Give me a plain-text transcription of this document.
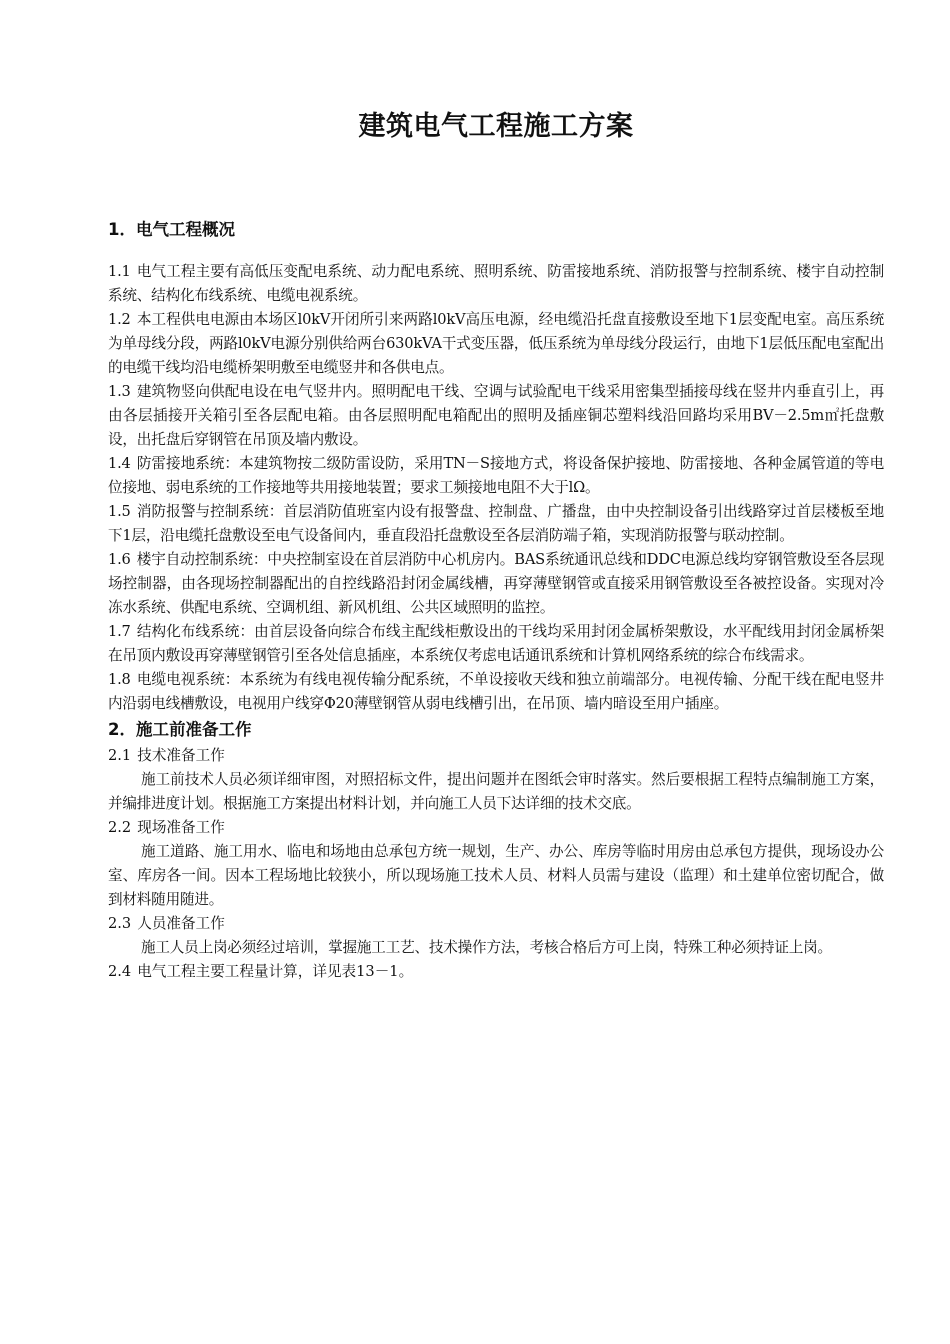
建筑电气工程施工方案
1．电气工程概况

1.1 电气工程主要有高低压变配电系统、动力配电系统、照明系统、防雷接地系统、消防报警与控制系统、楼宇自动控制系统、结构化布线系统、电缆电视系统。

1.2 本工程供电电源由本场区l0kV开闭所引来两路l0kV高压电源，经电缆沿托盘直接敷设至地下1层变配电室。高压系统为单母线分段，两路l0kV电源分别供给两台630kVA干式变压器，低压系统为单母线分段运行，由地下1层低压配电室配出的电缆干线均沿电缆桥架明敷至电缆竖井和各供电点。

1.3 建筑物竖向供配电设在电气竖井内。照明配电干线、空调与试验配电干线采用密集型插接母线在竖井内垂直引上，再由各层插接开关箱引至各层配电箱。由各层照明配电箱配出的照明及插座铜芯塑料线沿回路均采用BV－2.5m㎡托盘敷设，出托盘后穿钢管在吊顶及墙内敷设。

1.4 防雷接地系统：本建筑物按二级防雷设防，采用TN－S接地方式，将设备保护接地、防雷接地、各种金属管道的等电位接地、弱电系统的工作接地等共用接地装置；要求工频接地电阻不大于lΩ。

1.5 消防报警与控制系统：首层消防值班室内设有报警盘、控制盘、广播盘，由中央控制设备引出线路穿过首层楼板至地下1层，沿电缆托盘敷设至电气设备间内，垂直段沿托盘敷设至各层消防端子箱，实现消防报警与联动控制。

1.6 楼宇自动控制系统：中央控制室设在首层消防中心机房内。BAS系统通讯总线和DDC电源总线均穿钢管敷设至各层现场控制器，由各现场控制器配出的自控线路沿封闭金属线槽，再穿薄壁钢管或直接采用钢管敷设至各被控设备。实现对冷冻水系统、供配电系统、空调机组、新风机组、公共区域照明的监控。

1.7 结构化布线系统：由首层设备向综合布线主配线柜敷设出的干线均采用封闭金属桥架敷设，水平配线用封闭金属桥架在吊顶内敷设再穿薄壁钢管引至各处信息插座，本系统仅考虑电话通讯系统和计算机网络系统的综合布线需求。

1.8 电缆电视系统：本系统为有线电视传输分配系统，不单设接收天线和独立前端部分。电视传输、分配干线在配电竖井内沿弱电线槽敷设，电视用户线穿Φ20薄壁钢管从弱电线槽引出，在吊顶、墙内暗设至用户插座。

2．施工前准备工作

2.1 技术准备工作

施工前技术人员必须详细审图，对照招标文件，提出问题并在图纸会审时落实。然后要根据工程特点编制施工方案，并编排进度计划。根据施工方案提出材料计划，并向施工人员下达详细的技术交底。

2.2 现场准备工作

施工道路、施工用水、临电和场地由总承包方统一规划，生产、办公、库房等临时用房由总承包方提供，现场设办公室、库房各一间。因本工程场地比较狭小，所以现场施工技术人员、材料人员需与建设（监理）和土建单位密切配合，做到材料随用随进。

2.3 人员准备工作

施工人员上岗必须经过培训，掌握施工工艺、技术操作方法，考核合格后方可上岗，特殊工种必须持证上岗。

2.4 电气工程主要工程量计算，详见表13－1。
